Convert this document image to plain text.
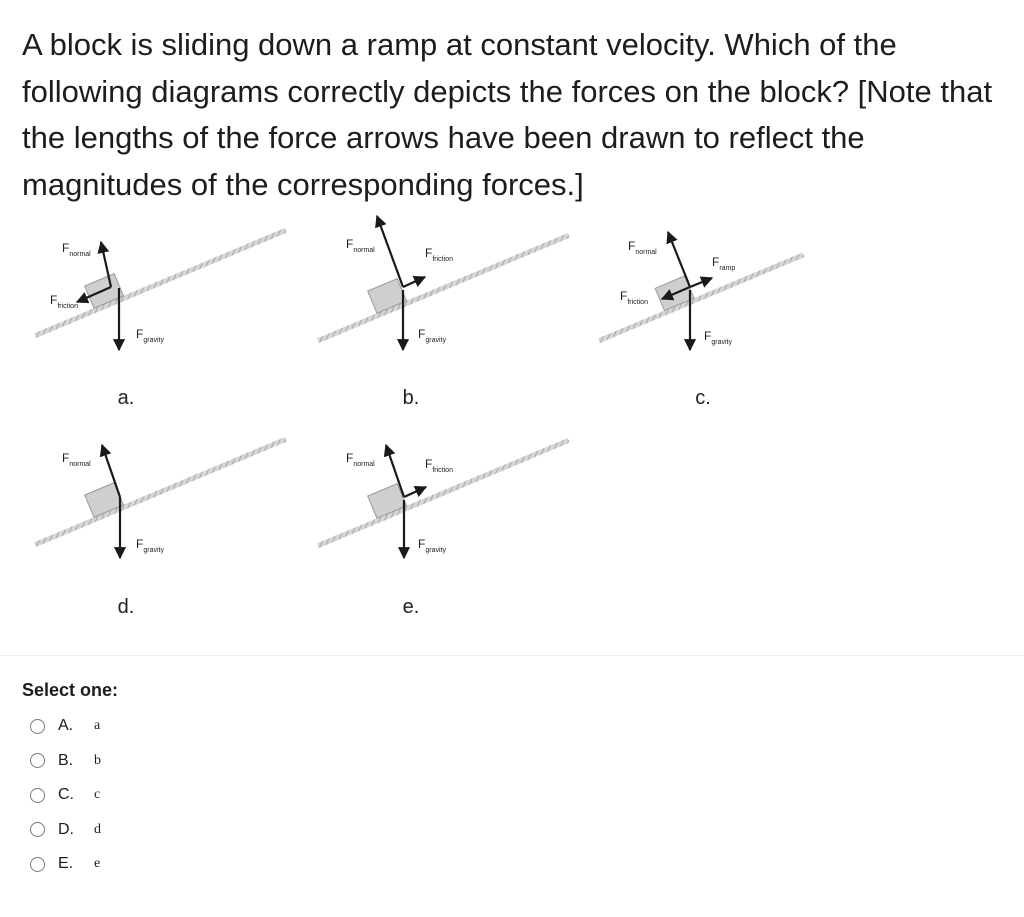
A block is sliding down a ramp at constant velocity. Which of the following diagrams correctly depicts the forces on the block? [Note that the lengths of the force arrows have been drawn to reflect the magnitudes of the corresponding forces.]

$F_{normal}$
$F_{friction}$
$F_{gravity}$
a.
$F_{normal}$	$F_{friction}$
$F_{gravity}$
b.
$F_{normal}$
$F_{friction}$
$F_{ramp}$
$F_{gravity}$
c.
$F_{normal}$
$F_{gravity}$
d.
$F_{normal}$	$F_{friction}$
$F_{gravity}$
e.
Select one:
A.	a
B.	b
C.	c
D.	d
E.	e
